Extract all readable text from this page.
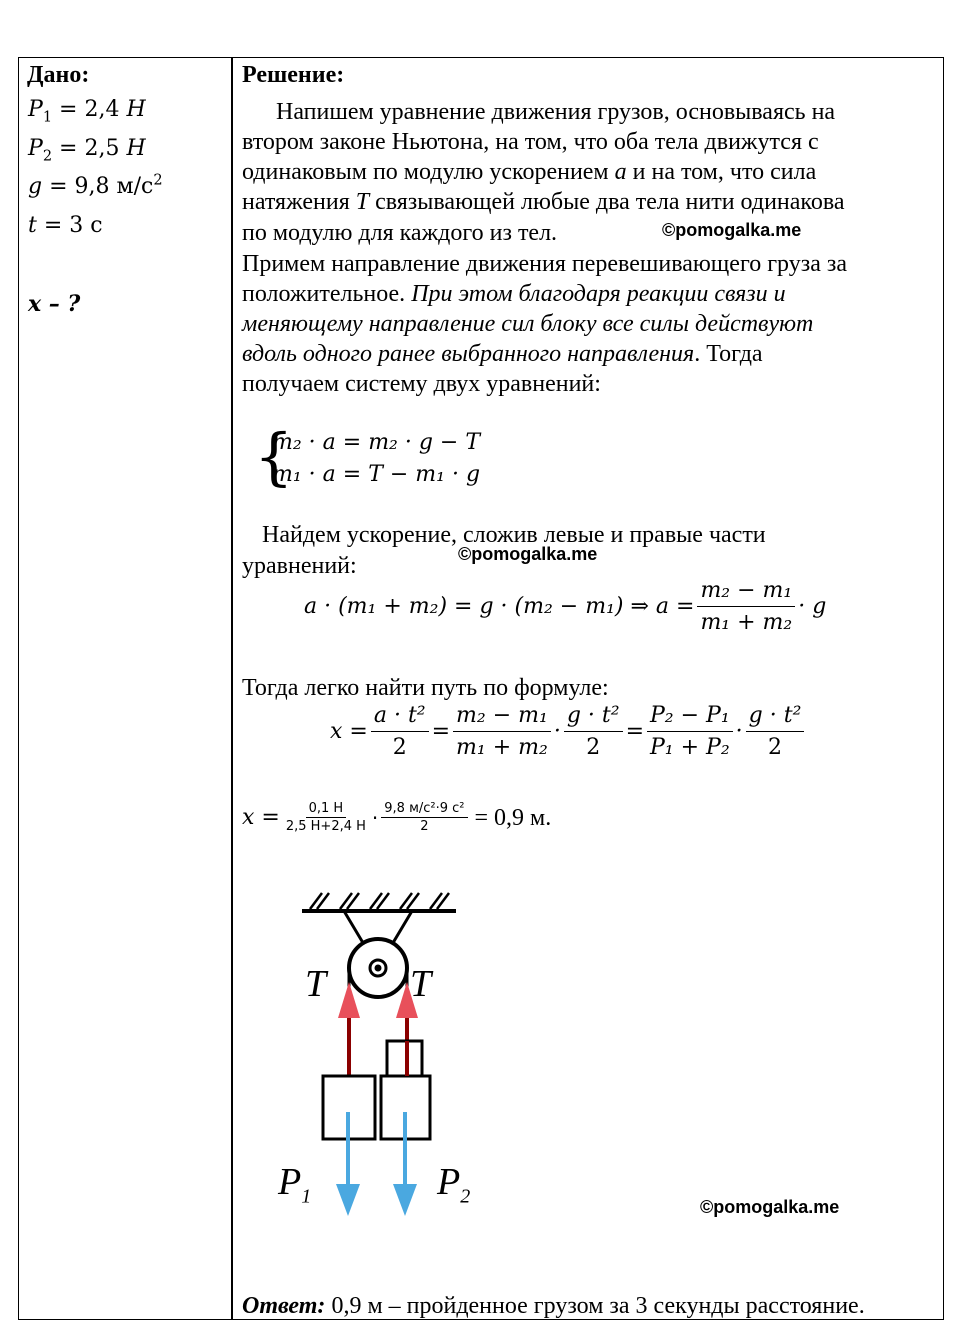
Дано:
$P_1 = 2,4$ H
$P_2 = 2,5$ H
g = 9,8 $м/с^2$
t = 3 с
x – ?
Решение:
Напишем уравнение движения грузов, основываясь на
втором законе Ньютона, на том, что оба тела движутся с
одинаковым по модулю ускорением a и на том, что сила
натяжения T связывающей любые два тела нити одинакова
по модулю для каждого из тел.	©pomogalka.me
Примем направление движения перевешивающего груза за
положительное. При этом благодаря реакции связи и
меняющему направление сил блоку все силы действуют
вдоль одного ранее выбранного направления. Тогда
получаем систему двух уравнений:
{
m₂ · a = m₂ · g − T
m₁ · a = T − m₁ · g
Найдем ускорение, сложив левые и правые части
©pomogalka.me
уравнений:
a · (m₁ + m₂) = g · (m₂ − m₁) ⇒ $a = \frac{\text{m₂ − m₁}}{\text{m₁ + m₂}} \cdot g$
Тогда легко найти путь по формуле:
$x = \frac{\text{a · t²}}{2} = \frac{\text{m₂ − m₁}}{\text{m₁ + m₂}} \cdot \frac{\text{g · t²}}{2} = \frac{\text{P₂ − P₁}}{\text{P₁ + P₂}} \cdot \frac{\text{g · t²}}{2}$
$x = \frac{0,1 H}{2,5 H+2,4 H} \cdot \frac{\text{9,8 м/с²·9 с²}}{2} = 0,9$ м.
T T
$P_1$	$P_2$	©pomogalka.me
Ответ: 0,9 м – пройденное грузом за 3 секунды расстояние.
